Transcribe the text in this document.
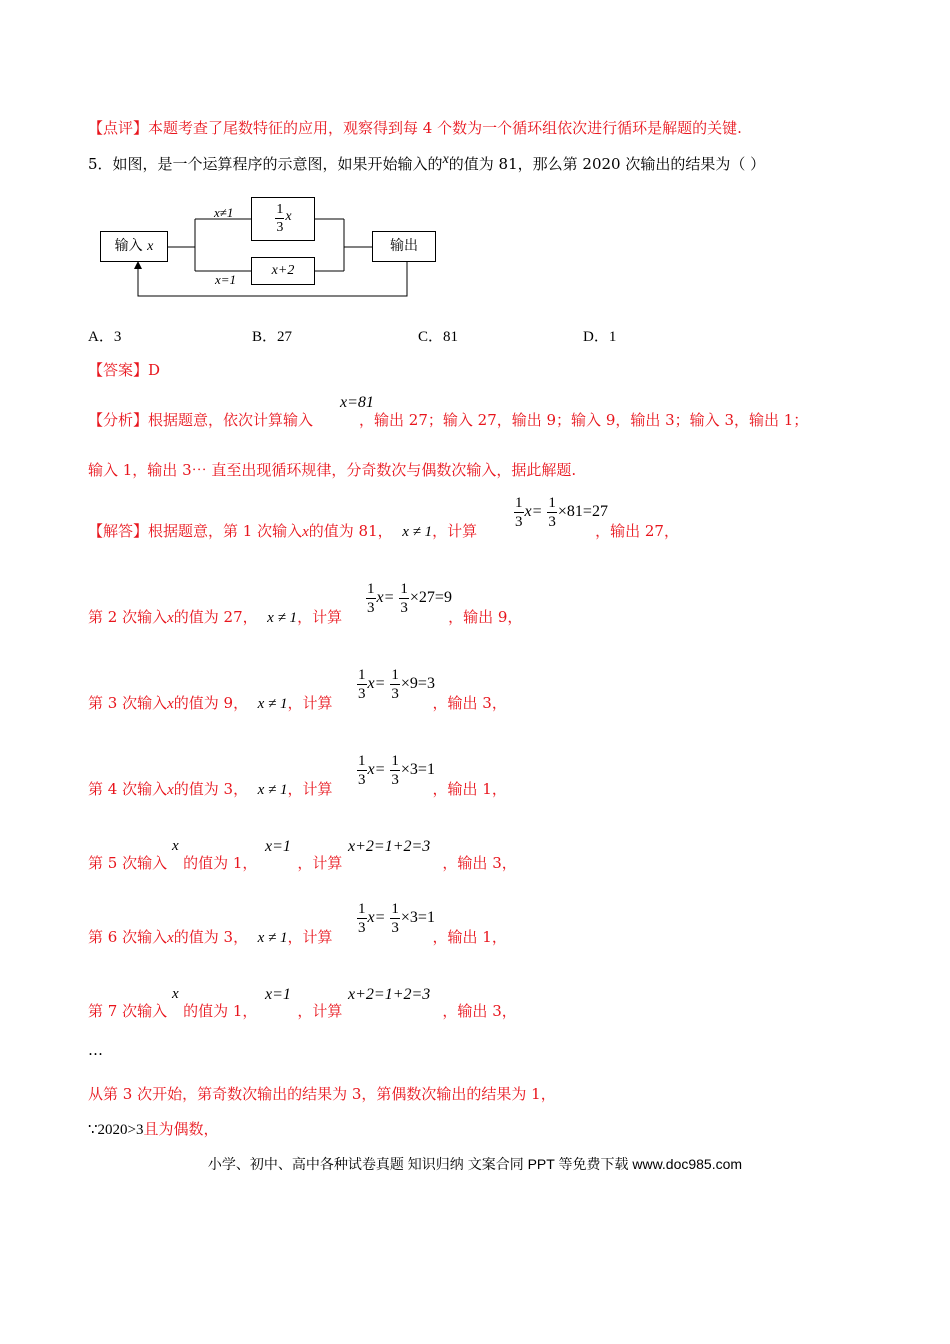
【点评】本题考查了尾数特征的应用，观察得到每 4 个数为一个循环组依次进行循环是解题的关键.
5．如图，是一个运算程序的示意图，如果开始输入的x的值为 81，那么第 2020 次输出的结果为（ ）
输入 x
x≠1	$\frac{1}{3}$ x
x+2
x=1
输出
A．3	B．27	C．81	D．1
【答案】D
【分析】根据题意，依次计算输入	，输出 27；输入 27，输出 9；输入 9，输出 3；输入 3，输出 1；
x=81
输入 1，输出 3⋯ 直至出现循环规律，分奇数次与偶数次输入，据此解题.
【解答】根据题意，第 1 次输入x的值为 81， x ≠ 1，计算	，输出 27，
$\frac{1}{3} x= \frac{1}{3} \times 81=27$
第 2 次输入x的值为 27， x ≠ 1，计算	，输出 9，
$\frac{1}{3} x= \frac{1}{3} \times 27=9$
第 3 次输入x的值为 9， x ≠ 1，计算	，输出 3，
$\frac{1}{3} x= \frac{1}{3} \times 9=3$
第 4 次输入x的值为 3， x ≠ 1，计算	，输出 1，
$\frac{1}{3} x= \frac{1}{3} \times 3=1$
第 5 次输入 的值为 1，	，计算	，输出 3，
x	x=1	x+2=1+2=3
第 6 次输入x的值为 3， x ≠ 1，计算	，输出 1，
$\frac{1}{3} x= \frac{1}{3} \times 3=1$
第 7 次输入 的值为 1，	，计算	，输出 3，
x	x=1	x+2=1+2=3
…
从第 3 次开始，第奇数次输出的结果为 3，第偶数次输出的结果为 1，
∵2020>3且为偶数，
小学、初中、高中各种试卷真题 知识归纳 文案合同 PPT 等免费下载 www.doc985.com
